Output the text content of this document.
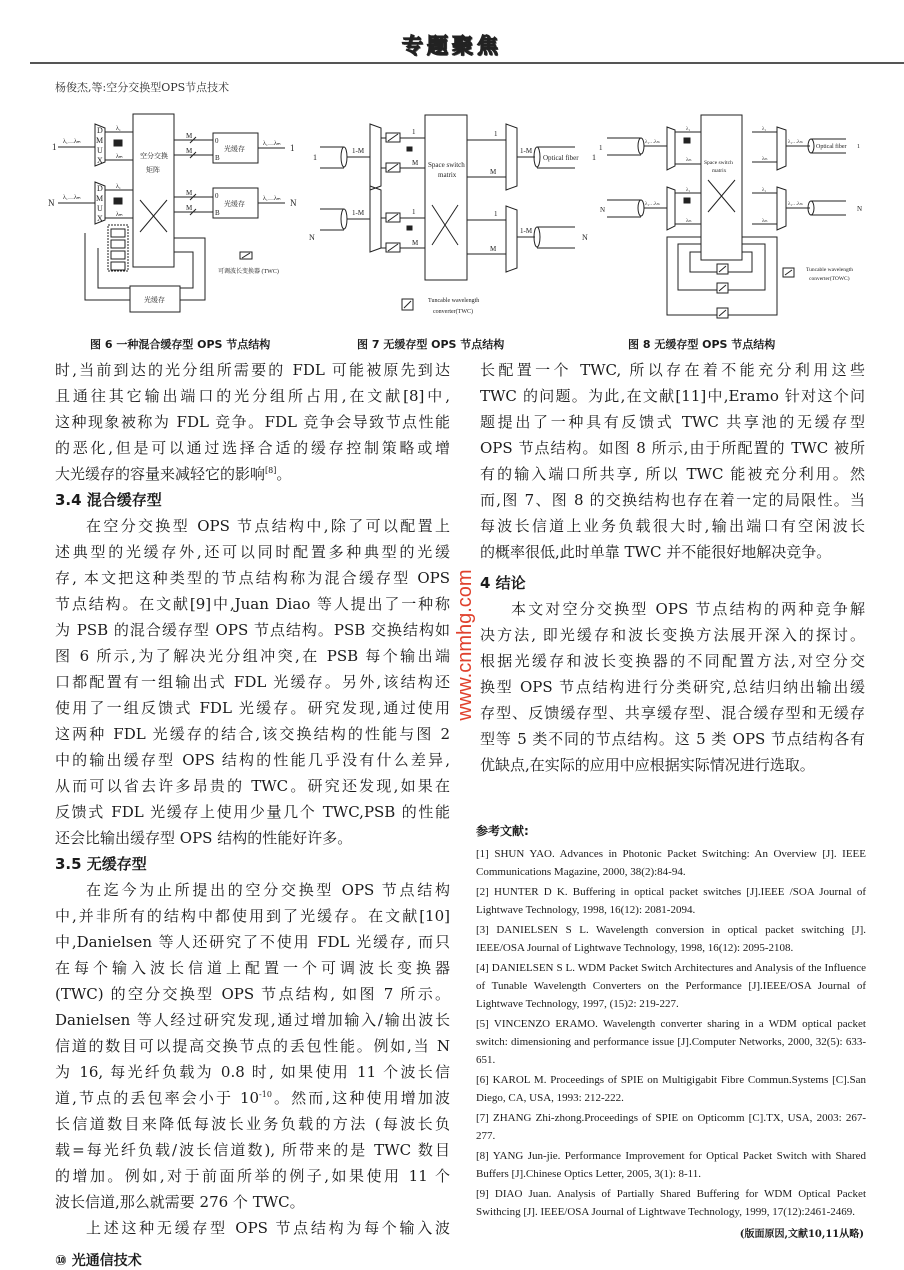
专题聚焦
杨俊杰,等:空分交换型OPS节点技术
1
N
λ₁…λₘ
λ₁…λₘ
λ₁
λₘ
λ₁
λₘ
D
M
U
X
D
M
U
X
空分交换
矩阵
M
M
M
M
0
B
0
B
光缓存
光缓存
光缓存
λ₁…λₘ
λ₁…λₘ
1
N
可调波长变换器 (TWC)
1
N
1-M
1-M
1-M
1-M
1
M
1
M
1
M
1
M
Space switch
matrix
Optical fiber 1
N
Tuncable wavelength
converter(TWC)
1
N
λ₁…λₘ
λ₁…λₘ
λ₁…λₘ
λ₁…λₘ
λ₁
λₘ
λ₁
λₘ
λ₁
λₘ
λ₁
λₘ
Space switch
matrix
Optical fiber 1
N
Tuncable wavelength
converter(TOWC)
图 6 一种混合缓存型 OPS 节点结构	图 7 无缓存型 OPS 节点结构	图 8 无缓存型 OPS 节点结构
时,当前到达的光分组所需要的 FDL 可能被原先到达
且通往其它输出端口的光分组所占用,在文献[8]中,
这种现象被称为 FDL 竞争。FDL 竞争会导致节点性能
的恶化,但是可以通过选择合适的缓存控制策略或增
大光缓存的容量来减轻它的影响[8]。
3.4 混合缓存型
在空分交换型 OPS 节点结构中,除了可以配置上
述典型的光缓存外,还可以同时配置多种典型的光缓
存, 本文把这种类型的节点结构称为混合缓存型 OPS
节点结构。在文献[9]中,Juan Diao 等人提出了一种称
为 PSB 的混合缓存型 OPS 节点结构。PSB 交换结构如
图 6 所示,为了解决光分组冲突,在 PSB 每个输出端
口都配置有一组输出式 FDL 光缓存。另外,该结构还
使用了一组反馈式 FDL 光缓存。研究发现,通过使用
这两种 FDL 光缓存的结合,该交换结构的性能与图 2
中的输出缓存型 OPS 结构的性能几乎没有什么差异,
从而可以省去许多昂贵的 TWC。研究还发现,如果在
反馈式 FDL 光缓存上使用少量几个 TWC,PSB 的性能
还会比输出缓存型 OPS 结构的性能好许多。
3.5 无缓存型
在迄今为止所提出的空分交换型 OPS 节点结构
中,并非所有的结构中都使用到了光缓存。在文献[10]
中,Danielsen 等人还研究了不使用 FDL 光缓存, 而只
在每个输入波长信道上配置一个可调波长变换器
(TWC) 的空分交换型 OPS 节点结构, 如图 7 所示。
Danielsen 等人经过研究发现,通过增加输入/输出波长
信道的数目可以提高交换节点的丢包性能。例如,当 N
为 16, 每光纤负载为 0.8 时, 如果使用 11 个波长信
道,节点的丢包率会小于 $10^{-10}$。然而,这种使用增加波
长信道数目来降低每波长业务负载的方法 (每波长负
载=每光纤负载/波长信道数), 所带来的是 TWC 数目
的增加。例如,对于前面所举的例子,如果使用 11 个
波长信道,那么就需要 276 个 TWC。
上述这种无缓存型 OPS 节点结构为每个输入波
长配置一个 TWC, 所以存在着不能充分利用这些
TWC 的问题。为此,在文献[11]中,Eramo 针对这个问
题提出了一种具有反馈式 TWC 共享池的无缓存型
OPS 节点结构。如图 8 所示,由于所配置的 TWC 被所
有的输入端口所共享, 所以 TWC 能被充分利用。然
而,图 7、图 8 的交换结构也存在着一定的局限性。当
每波长信道上业务负载很大时,输出端口有空闲波长
的概率很低,此时单靠 TWC 并不能很好地解决竞争。
4 结论
本文对空分交换型 OPS 节点结构的两种竞争解
决方法, 即光缓存和波长变换方法展开深入的探讨。
根据光缓存和波长变换器的不同配置方法,对空分交
换型 OPS 节点结构进行分类研究,总结归纳出输出缓
存型、反馈缓存型、共享缓存型、混合缓存型和无缓存
型等 5 类不同的节点结构。这 5 类 OPS 节点结构各有
优缺点,在实际的应用中应根据实际情况进行选取。
参考文献:
[1] SHUN YAO. Advances in Photonic Packet Switching: An Overview [J]. IEEE Communications Magazine, 2000, 38(2):84-94.
[2] HUNTER D K. Buffering in optical packet switches [J].IEEE /SOA Journal of Lightwave Technology, 1998, 16(12): 2081-2094.
[3] DANIELSEN S L. Wavelength conversion in optical packet switching [J]. IEEE/OSA Journal of Lightwave Technology, 1998, 16(12): 2095-2108.
[4] DANIELSEN S L. WDM Packet Switch Architectures and Analysis of the Influence of Tunable Wavelength Converters on the Performance [J].IEEE/OSA Journal of Lightwave Technology, 1997, (15)2: 219-227.
[5] VINCENZO ERAMO. Wavelength converter sharing in a WDM optical packet switch: dimensioning and performance issue [J].Computer Networks, 2000, 32(5): 633-651.
[6] KAROL M. Proceedings of SPIE on Multigigabit Fibre Commun.Systems [C].San Diego, CA, USA, 1993: 212-222.
[7] ZHANG Zhi-zhong.Proceedings of SPIE on Opticomm [C].TX, USA, 2003: 267-277.
[8] YANG Jun-jie. Performance Improvement for Optical Packet Switch with Shared Buffers [J].Chinese Optics Letter, 2005, 3(1): 8-11.
[9] DIAO Juan. Analysis of Partially Shared Buffering for WDM Optical Packet Swithcing [J]. IEEE/OSA Journal of Lightwave Technology, 1999, 17(12):2461-2469.
(版面原因,文献10,11从略)
www.cnmhg.com
⑩ 光通信技术
